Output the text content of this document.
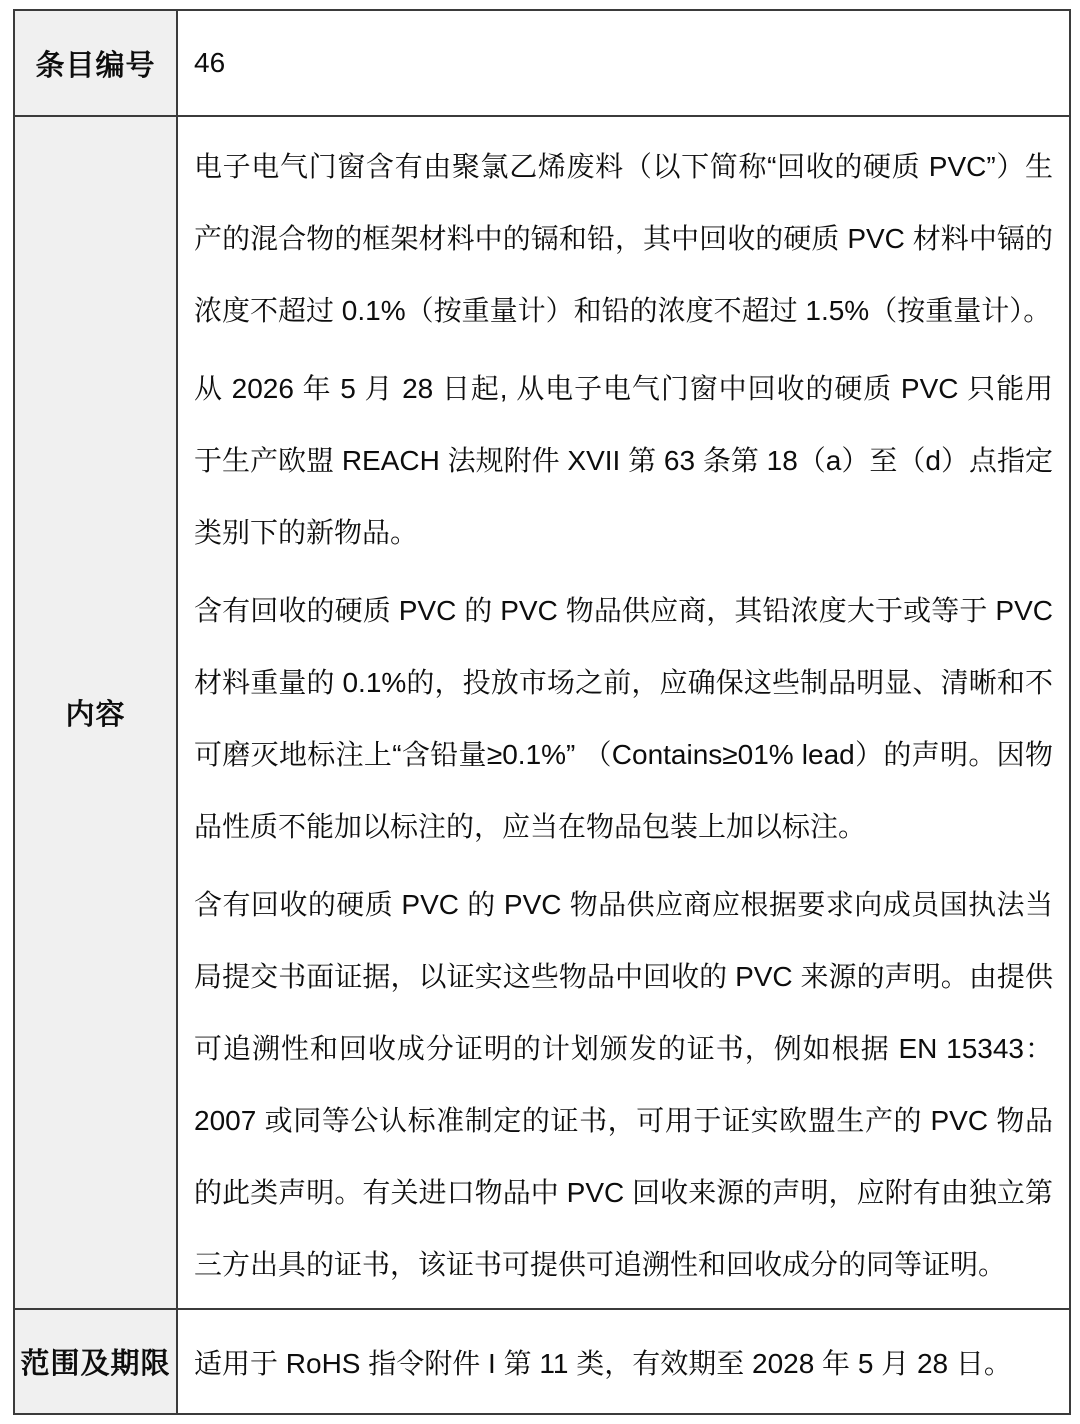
条目编号	46
内容	电子电气门窗含有由聚氯乙烯废料（以下简称“回收的硬质 PVC”）生产的混合物的框架材料中的镉和铅，其中回收的硬质 PVC 材料中镉的浓度不超过 0.1%（按重量计）和铅的浓度不超过 1.5%（按重量计）。

从 2026 年 5 月 28 日起, 从电子电气门窗中回收的硬质 PVC 只能用于生产欧盟 REACH 法规附件 XVII 第 63 条第 18（a）至（d）点指定类别下的新物品。

含有回收的硬质 PVC 的 PVC 物品供应商，其铅浓度大于或等于 PVC 材料重量的 0.1%的，投放市场之前，应确保这些制品明显、清晰和不可磨灭地标注上“含铅量≥0.1%” （Contains≥01% lead）的声明。因物品性质不能加以标注的，应当在物品包装上加以标注。

含有回收的硬质 PVC 的 PVC 物品供应商应根据要求向成员国执法当局提交书面证据，以证实这些物品中回收的 PVC 来源的声明。由提供可追溯性和回收成分证明的计划颁发的证书，例如根据 EN 15343：2007 或同等公认标准制定的证书，可用于证实欧盟生产的 PVC 物品的此类声明。有关进口物品中 PVC 回收来源的声明，应附有由独立第三方出具的证书，该证书可提供可追溯性和回收成分的同等证明。

范围及期限	适用于 RoHS 指令附件 I 第 11 类，有效期至 2028 年 5 月 28 日。
